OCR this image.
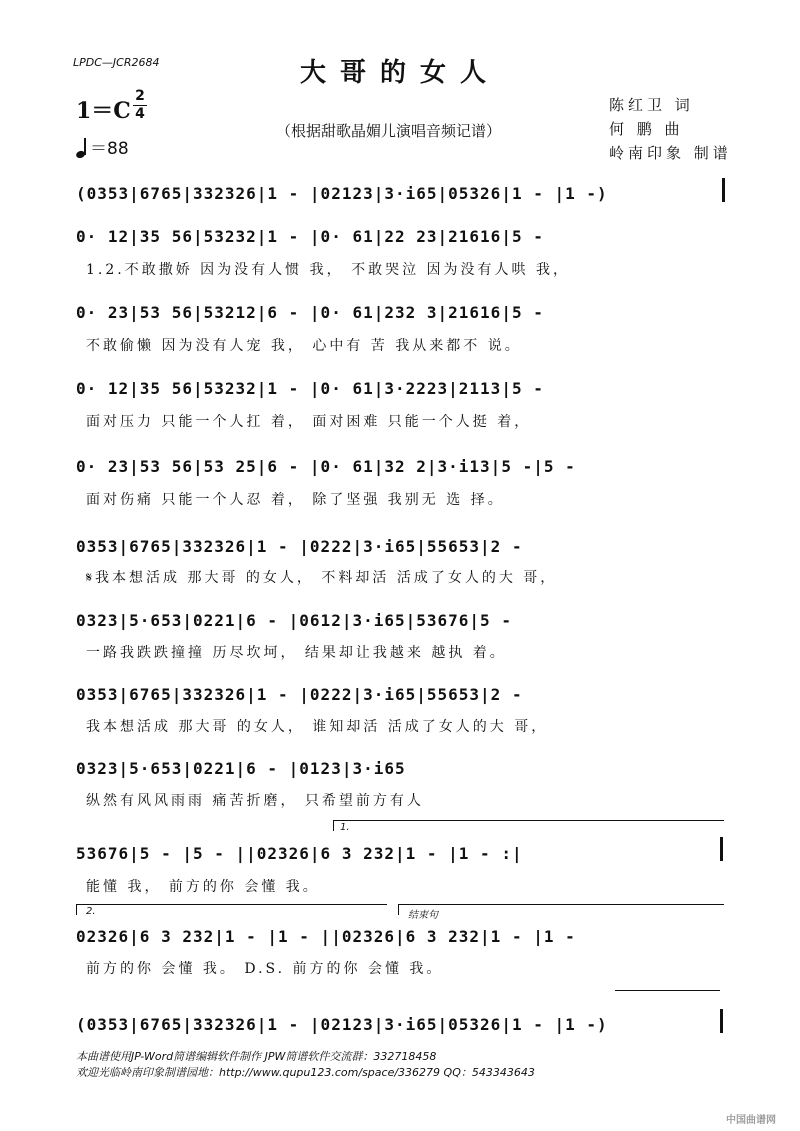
LPDC—JCR2684	大哥的女人
1＝C
2
4
＝88
（根据甜歌晶媚儿演唱音频记谱）
陈红卫 词
何 鹏 曲
岭南印象 制谱
(0353|6765|332326|1 - |02123|3·i65|05326|1 - |1 -)
0· 12|35 56|53232|1 - |0· 61|22 23|21616|5 -
1.2.不敢撒娇 因为没有人惯 我， 不敢哭泣 因为没有人哄 我，
0· 23|53 56|53212|6 - |0· 61|232 3|21616|5 -
不敢偷懒 因为没有人宠 我， 心中有 苦 我从来都不 说。
0· 12|35 56|53232|1 - |0· 61|3·2223|2113|5 -
面对压力 只能一个人扛 着， 面对困难 只能一个人挺 着，
0· 23|53 56|53 25|6 - |0· 61|32 2|3·i13|5 -|5 -
面对伤痛 只能一个人忍 着， 除了坚强 我别无 选 择。
0353|6765|332326|1 - |0222|3·i65|55653|2 -
𝄋我本想活成 那大哥 的女人， 不料却活 活成了女人的大 哥，
0323|5·653|0221|6 - |0612|3·i65|53676|5 -
一路我跌跌撞撞 历尽坎坷， 结果却让我越来 越执 着。
0353|6765|332326|1 - |0222|3·i65|55653|2 -
我本想活成 那大哥 的女人， 谁知却活 活成了女人的大 哥，
0323|5·653|0221|6 - |0123|3·i65
纵然有风风雨雨 痛苦折磨， 只希望前方有人
1.
53676|5 - |5 - ||02326|6 3 232|1 - |1 - :|
能懂 我， 前方的你 会懂 我。
2.	结束句
02326|6 3 232|1 - |1 - ||02326|6 3 232|1 - |1 -
前方的你 会懂 我。 D.S. 前方的你 会懂 我。
(0353|6765|332326|1 - |02123|3·i65|05326|1 - |1 -)
本曲谱使用JP-Word简谱编辑软件制作 JPW简谱软件交流群：332718458
欢迎光临岭南印象制谱园地：http://www.qupu123.com/space/336279 QQ：543343643
中国曲谱网
